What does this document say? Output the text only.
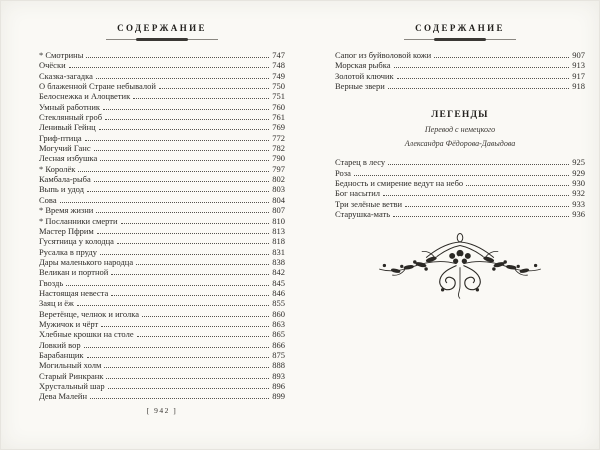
СОДЕРЖАНИЕ
* Смотрины	747
Очёски	748
Сказка-загадка	749
О блаженной Стране небывалой	750
Белоснежка и Алоцветик	751
Умный работник	760
Стеклянный гроб	761
Ленивый Гейнц	769
Гриф-птица	772
Могучий Ганс	782
Лесная избушка	790
* Королёк	797
Камбала-рыба	802
Выпь и удод	803
Сова	804
* Время жизни	807
* Посланники смерти	810
Мастер Пфрим	813
Гусятница у колодца	818
Русалка в пруду	831
Дары маленького народца	838
Великан и портной	842
Гвоздь	845
Настоящая невеста	846
Заяц и ёж	855
Веретёнце, челнок и иголка	860
Мужичок и чёрт	863
Хлебные крошки на столе	865
Ловкий вор	866
Барабанщик	875
Могильный холм	888
Старый Ринкранк	893
Хрустальный шар	896
Дева Малейн	899
[ 942 ]
СОДЕРЖАНИЕ
Сапог из буйволовой кожи	907
Морская рыбка	913
Золотой ключик	917
Верные звери	918
ЛЕГЕНДЫ

Перевод с немецкого

Александра Фёдорова-Давыдова

Старец в лесу	925
Роза	929
Бедность и смирение ведут на небо	930
Бог насытил	932
Три зелёные ветви	933
Старушка-мать	936
